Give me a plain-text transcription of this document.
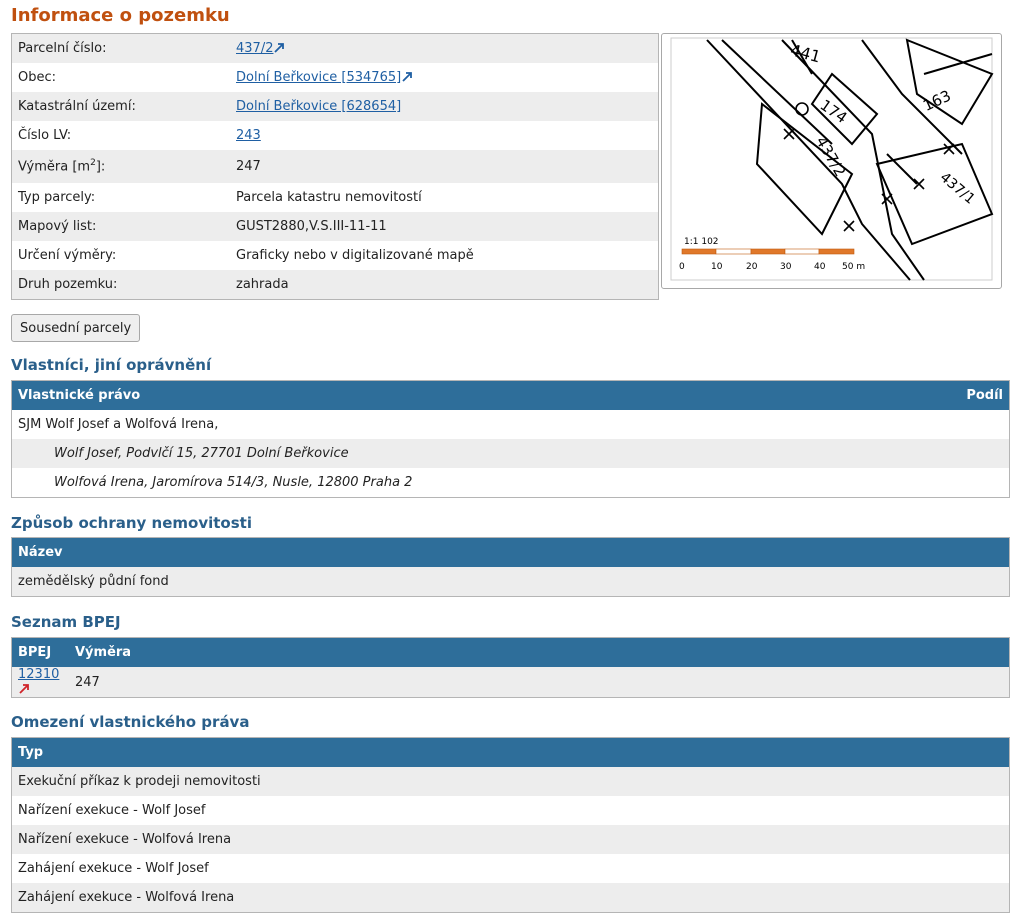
Informace o pozemku
Parcelní číslo:	437/2
Obec:	Dolní Beřkovice [534765]
Katastrální území:	Dolní Beřkovice [628654]
Číslo LV:	243
Výměra $[m^2]$:	247
Typ parcely:	Parcela katastru nemovitostí
Mapový list:	GUST2880,V.S.III-11-11
Určení výměry:	Graficky nebo v digitalizované mapě
Druh pozemku:	zahrada
441
174	163
437/2
437/1
1:1 102
0	10	20	30	40 50 m
Sousední parcely
Vlastníci, jiní oprávnění
Vlastnické právo	Podíl
SJM Wolf Josef a Wolfová Irena,
Wolf Josef, Podvlčí 15, 27701 Dolní Beřkovice
Wolfová Irena, Jaromírova 514/3, Nusle, 12800 Praha 2
Způsob ochrany nemovitosti
Název
zemědělský půdní fond
Seznam BPEJ
BPEJ	Výměra
12310	247
Omezení vlastnického práva
Typ
Exekuční příkaz k prodeji nemovitosti
Nařízení exekuce - Wolf Josef
Nařízení exekuce - Wolfová Irena
Zahájení exekuce - Wolf Josef
Zahájení exekuce - Wolfová Irena
